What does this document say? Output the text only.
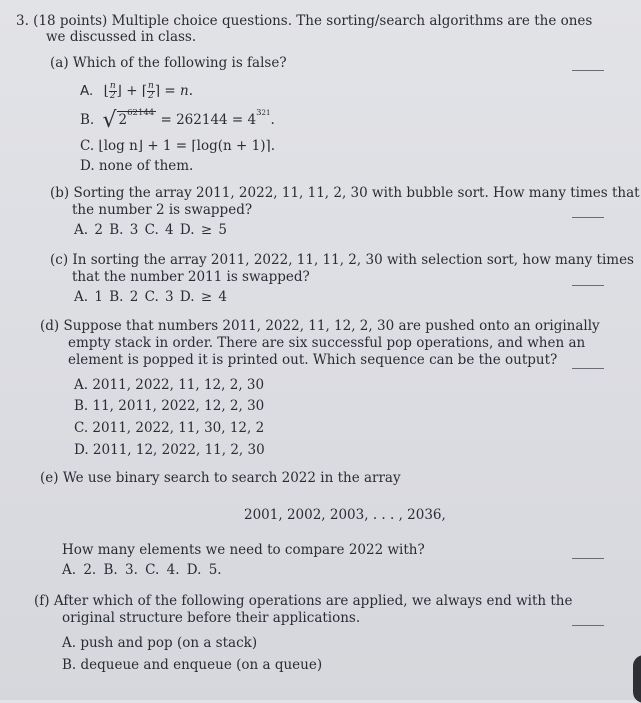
3. (18 points) Multiple choice questions. The sorting/search algorithms are the ones
we discussed in class.
(a) Which of the following is false?
A. ⌊n
2⌋ + ⌈n
2⌉ = n.
B. √ $2^{62144} = 262144 = 4^{321}$.
C. ⌊log n⌋ + 1 = ⌈log(n + 1)⌉.
D. none of them.
(b) Sorting the array 2011, 2022, 11, 11, 2, 30 with bubble sort. How many times that
the number 2 is swapped?
A. 2 B. 3 C. 4 D. ≥ 5
(c) In sorting the array 2011, 2022, 11, 11, 2, 30 with selection sort, how many times
that the number 2011 is swapped?
A. 1 B. 2 C. 3 D. ≥ 4
(d) Suppose that numbers 2011, 2022, 11, 12, 2, 30 are pushed onto an originally
empty stack in order. There are six successful pop operations, and when an
element is popped it is printed out. Which sequence can be the output?
A. 2011, 2022, 11, 12, 2, 30
B. 11, 2011, 2022, 12, 2, 30
C. 2011, 2022, 11, 30, 12, 2
D. 2011, 12, 2022, 11, 2, 30
(e) We use binary search to search 2022 in the array
2001, 2002, 2003, . . . , 2036,
How many elements we need to compare 2022 with?
A. 2. B. 3. C. 4. D. 5.
(f) After which of the following operations are applied, we always end with the
original structure before their applications.
A. push and pop (on a stack)
B. dequeue and enqueue (on a queue)
